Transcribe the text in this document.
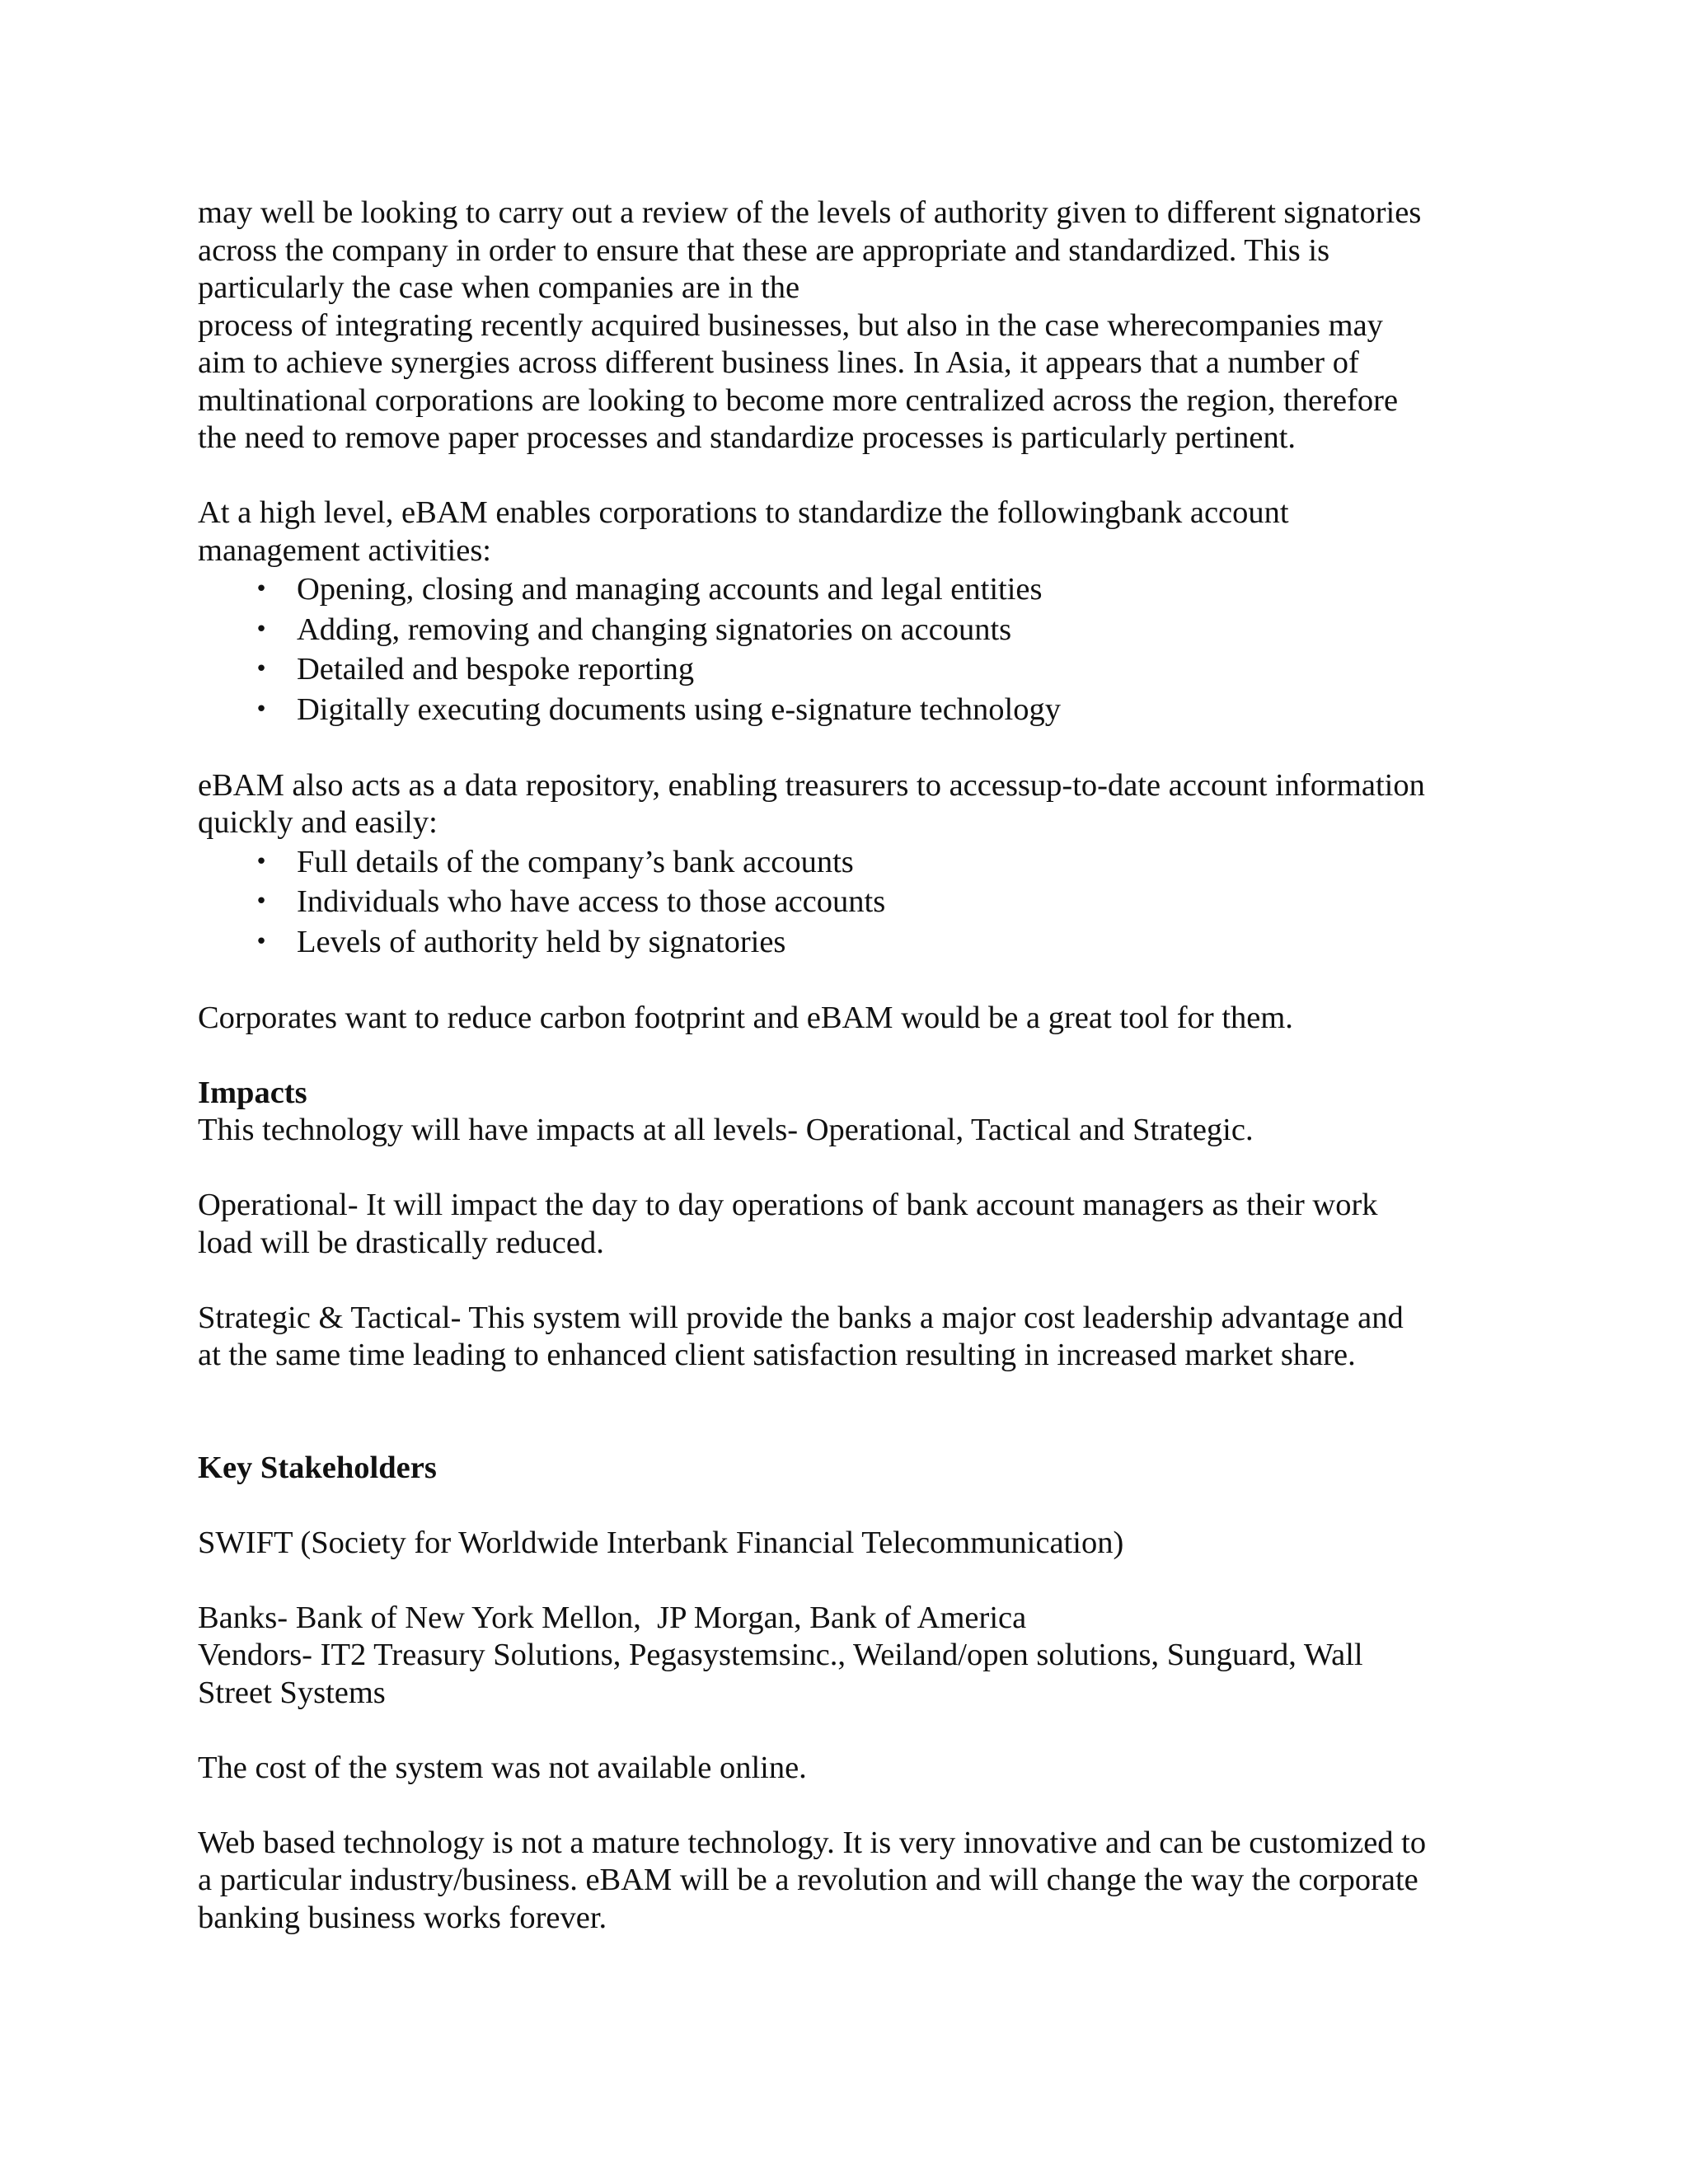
may well be looking to carry out a review of the levels of authority given to different signatories
across the company in order to ensure that these are appropriate and standardized. This is
particularly the case when companies are in the
process of integrating recently acquired businesses, but also in the case wherecompanies may
aim to achieve synergies across different business lines. In Asia, it appears that a number of
multinational corporations are looking to become more centralized across the region, therefore
the need to remove paper processes and standardize processes is particularly pertinent.
At a high level, eBAM enables corporations to standardize the followingbank account
management activities:
• Opening, closing and managing accounts and legal entities
• Adding, removing and changing signatories on accounts
• Detailed and bespoke reporting
• Digitally executing documents using e-signature technology
eBAM also acts as a data repository, enabling treasurers to accessup-to-date account information
quickly and easily:
• Full details of the company’s bank accounts
• Individuals who have access to those accounts
• Levels of authority held by signatories
Corporates want to reduce carbon footprint and eBAM would be a great tool for them.
Impacts
This technology will have impacts at all levels- Operational, Tactical and Strategic.
Operational- It will impact the day to day operations of bank account managers as their work
load will be drastically reduced.
Strategic & Tactical- This system will provide the banks a major cost leadership advantage and
at the same time leading to enhanced client satisfaction resulting in increased market share.
Key Stakeholders
SWIFT (Society for Worldwide Interbank Financial Telecommunication)
Banks- Bank of New York Mellon,  JP Morgan, Bank of America
Vendors- IT2 Treasury Solutions, Pegasystemsinc., Weiland/open solutions, Sunguard, Wall
Street Systems
The cost of the system was not available online.
Web based technology is not a mature technology. It is very innovative and can be customized to
a particular industry/business. eBAM will be a revolution and will change the way the corporate
banking business works forever.
